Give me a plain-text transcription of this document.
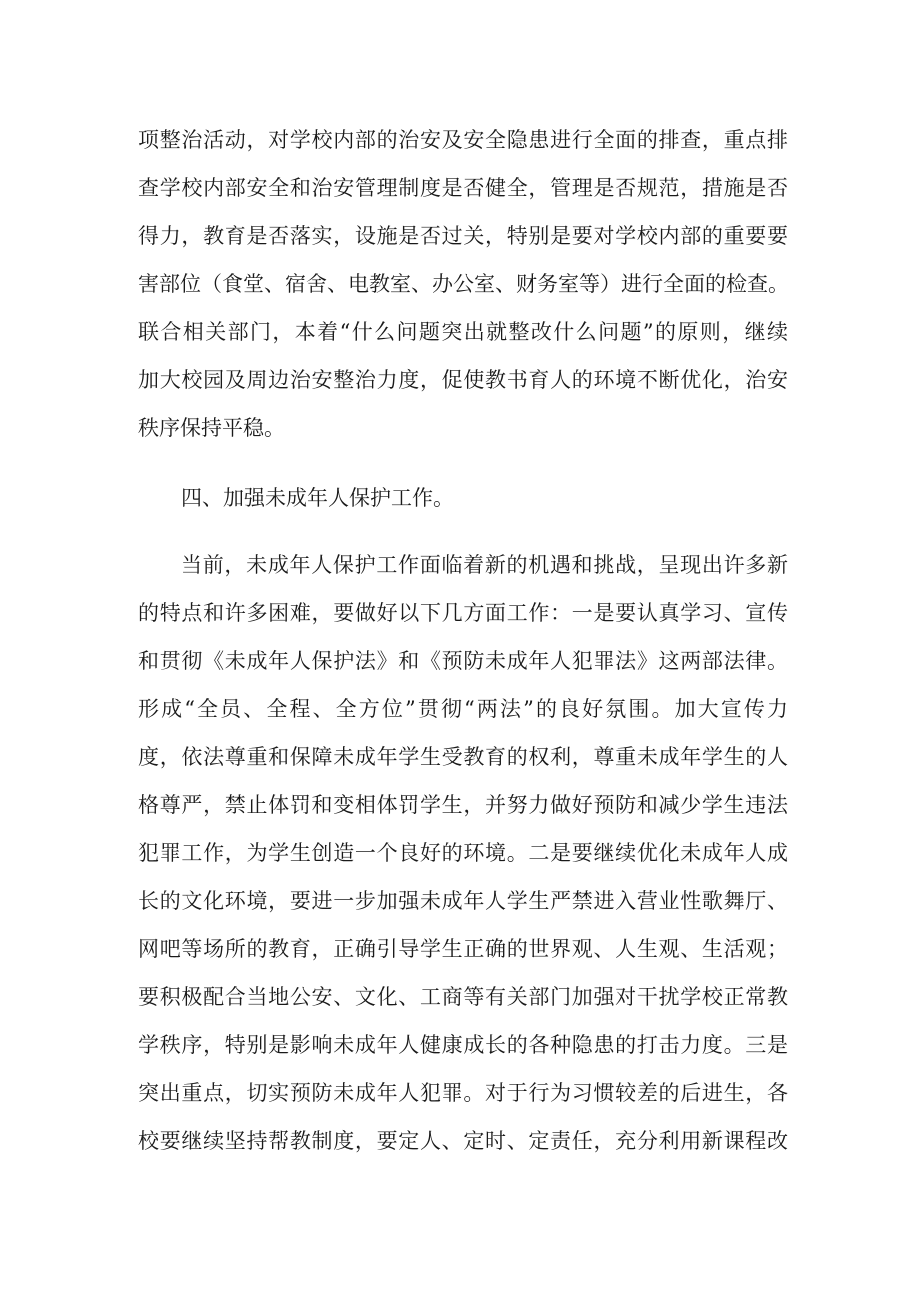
项整治活动，对学校内部的治安及安全隐患进行全面的排查，重点排
查学校内部安全和治安管理制度是否健全，管理是否规范，措施是否
得力，教育是否落实，设施是否过关，特别是要对学校内部的重要要
害部位（食堂、宿舍、电教室、办公室、财务室等）进行全面的检查。
联合相关部门，本着“什么问题突出就整改什么问题”的原则，继续
加大校园及周边治安整治力度，促使教书育人的环境不断优化，治安
秩序保持平稳。
四、加强未成年人保护工作。
当前，未成年人保护工作面临着新的机遇和挑战，呈现出许多新
的特点和许多困难，要做好以下几方面工作：一是要认真学习、宣传
和贯彻《未成年人保护法》和《预防未成年人犯罪法》这两部法律。
形成“全员、全程、全方位”贯彻“两法”的良好氛围。加大宣传力
度，依法尊重和保障未成年学生受教育的权利，尊重未成年学生的人
格尊严，禁止体罚和变相体罚学生，并努力做好预防和减少学生违法
犯罪工作，为学生创造一个良好的环境。二是要继续优化未成年人成
长的文化环境，要进一步加强未成年人学生严禁进入营业性歌舞厅、
网吧等场所的教育，正确引导学生正确的世界观、人生观、生活观；
要积极配合当地公安、文化、工商等有关部门加强对干扰学校正常教
学秩序，特别是影响未成年人健康成长的各种隐患的打击力度。三是
突出重点，切实预防未成年人犯罪。对于行为习惯较差的后进生，各
校要继续坚持帮教制度，要定人、定时、定责任，充分利用新课程改
